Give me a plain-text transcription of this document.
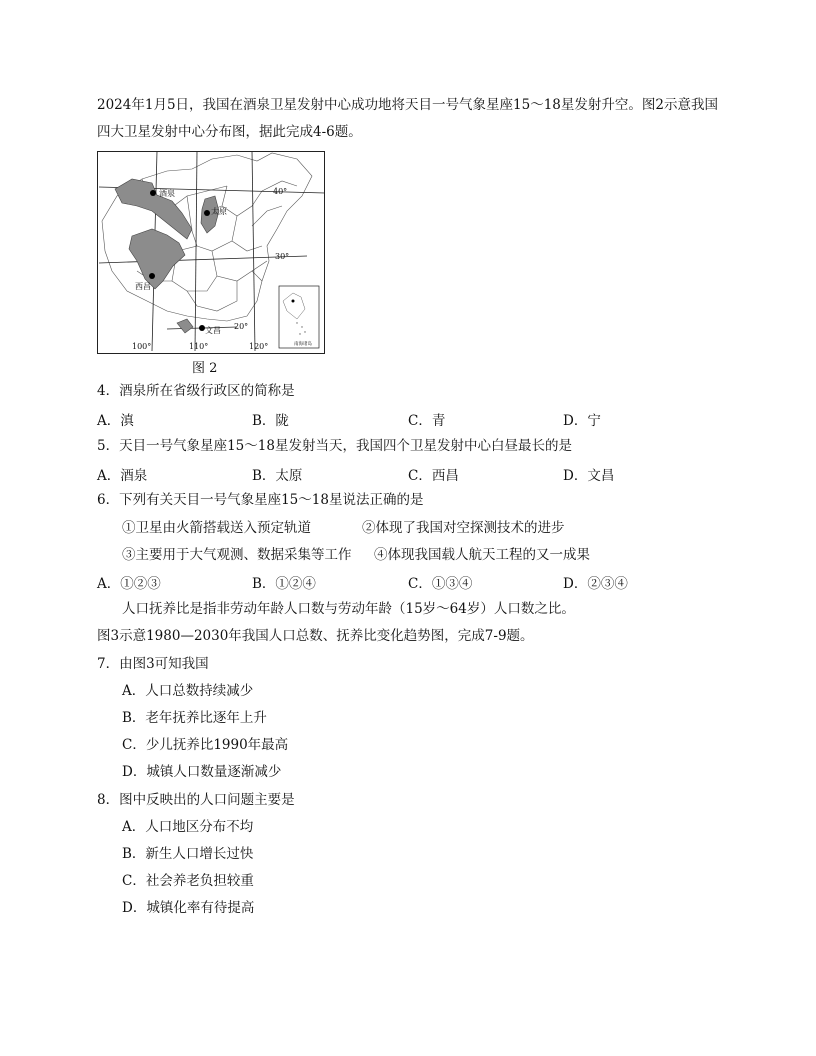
2024年1月5日，我国在酒泉卫星发射中心成功地将天目一号气象星座15～18星发射升空。图2示意我国
四大卫星发射中心分布图，据此完成4-6题。
酒泉
太原
西昌
文昌
40°
30°
20°
100°	110°	120°	南海诸岛
图 2
4．酒泉所在省级行政区的简称是
A．滇	B．陇	C．青	D．宁
5．天目一号气象星座15～18星发射当天，我国四个卫星发射中心白昼最长的是
A．酒泉	B．太原	C．西昌	D．文昌
6．下列有关天目一号气象星座15～18星说法正确的是
①卫星由火箭搭载送入预定轨道	②体现了我国对空探测技术的进步
③主要用于大气观测、数据采集等工作 ④体现我国载人航天工程的又一成果
A．①②③	B．①②④	C．①③④	D．②③④
人口抚养比是指非劳动年龄人口数与劳动年龄（15岁～64岁）人口数之比。
图3示意1980—2030年我国人口总数、抚养比变化趋势图，完成7-9题。
7．由图3可知我国
A．人口总数持续减少
B．老年抚养比逐年上升
C．少儿抚养比1990年最高
D．城镇人口数量逐渐减少
8．图中反映出的人口问题主要是
A．人口地区分布不均
B．新生人口增长过快
C．社会养老负担较重
D．城镇化率有待提高
